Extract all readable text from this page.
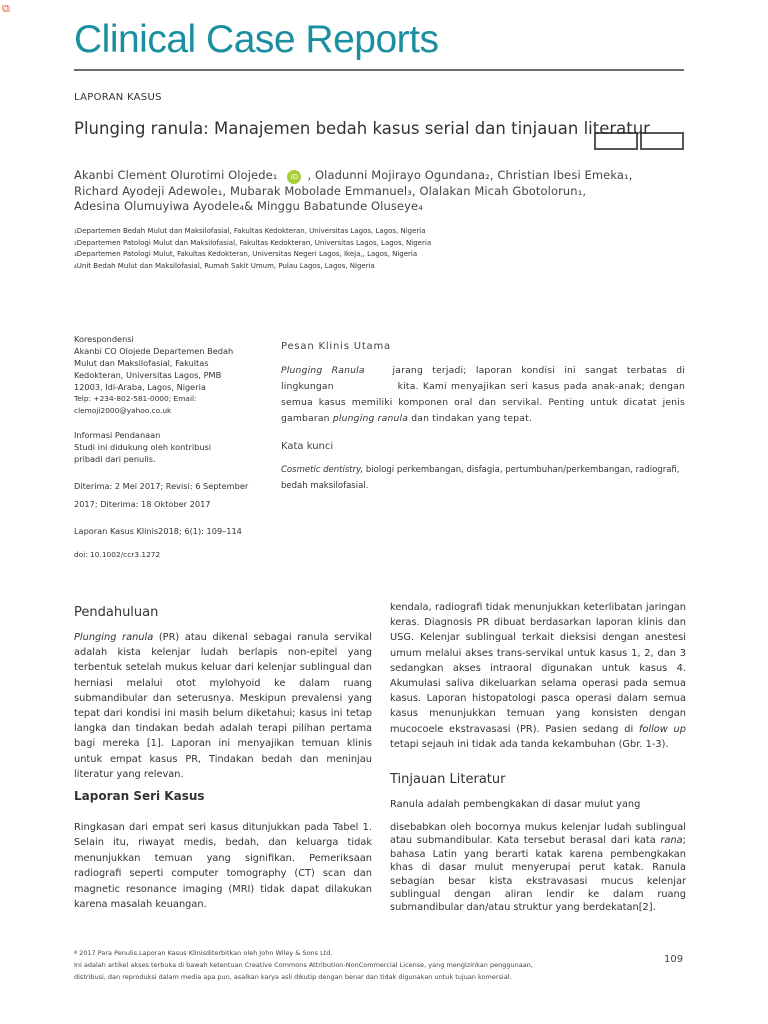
⧉
Clinical Case Reports
LAPORAN KASUS
Plunging ranula: Manajemen bedah kasus serial dan tinjauan literatur
Akanbi Clement Olurotimi Olojede₁ iD , Oladunni Mojirayo Ogundana₂, Christian Ibesi Emeka₁,
Richard Ayodeji Adewole₁, Mubarak Mobolade Emmanuel₃, Olalakan Micah Gbotolorun₁,
Adesina Olumuyiwa Ayodele₄& Minggu Babatunde Oluseye₄
₁Departemen Bedah Mulut dan Maksilofasial, Fakultas Kedokteran, Universitas Lagos, Lagos, Nigeria
₂Departemen Patologi Mulut dan Maksilofasial, Fakultas Kedokteran, Universitas Lagos, Lagos, Nigeria
₃Departemen Patologi Mulut, Fakultas Kedokteran, Universitas Negeri Lagos, Ikeja,, Lagos, Nigeria
₄Unit Bedah Mulut dan Maksilofasial, Rumah Sakit Umum, Pulau Lagos, Lagos, Nigeria

Korespondensi

Akanbi CO Olojede Departemen Bedah

Mulut dan Maksilofasial, Fakultas

Kedokteran, Universitas Lagos, PMB

12003, Idi-Araba, Lagos, Nigeria

Telp: +234-802-581-0000; Email:

clemoji2000@yahoo.co.uk

Informasi Pendanaan

Studi ini didukung oleh kontribusi

pribadi dari penulis.

Diterima: 2 Mei 2017; Revisi: 6 September

2017; Diterima: 18 Oktober 2017

Laporan Kasus Klinis2018; 6(1): 109–114

doi: 10.1002/ccr3.1272

Pesan Klinis Utama
Plunging Ranula	jarang terjadi; laporan kondisi ini sangat terbatas di lingkungan	kita. Kami menyajikan seri kasus pada anak-anak; dengan semua kasus memiliki komponen oral dan servikal. Penting untuk dicatat jenis gambaran plunging ranula dan tindakan yang tepat.
Kata kunci
Cosmetic dentistry, biologi perkembangan, disfagia, pertumbuhan/perkembangan, radiografi, bedah maksilofasial.
Pendahuluan
Plunging ranula (PR) atau dikenal sebagai ranula servikal adalah kista kelenjar ludah berlapis non-epitel yang terbentuk setelah mukus keluar dari kelenjar sublingual dan herniasi melalui otot mylohyoid ke dalam ruang submandibular dan seterusnya. Meskipun prevalensi yang tepat dari kondisi ini masih belum diketahui; kasus ini tetap langka dan tindakan bedah adalah terapi pilihan pertama bagi mereka [1]. Laporan ini menyajikan temuan klinis untuk empat kasus PR, Tindakan bedah dan meninjau literatur yang relevan.
Laporan Seri Kasus
Ringkasan dari empat seri kasus ditunjukkan pada Tabel 1. Selain itu, riwayat medis, bedah, dan keluarga tidak menunjukkan temuan yang signifikan. Pemeriksaan radiografi seperti computer tomography (CT) scan dan magnetic resonance imaging (MRI) tidak dapat dilakukan karena masalah keuangan.
kendala, radiografi tidak menunjukkan keterlibatan jaringan keras. Diagnosis PR dibuat berdasarkan laporan klinis dan USG. Kelenjar sublingual terkait dieksisi dengan anestesi umum melalui akses trans-servikal untuk kasus 1, 2, dan 3 sedangkan akses intraoral digunakan untuk kasus 4. Akumulasi saliva dikeluarkan selama operasi pada semua kasus. Laporan histopatologi pasca operasi dalam semua kasus menunjukkan temuan yang konsisten dengan mucocoele ekstravasasi (PR). Pasien sedang di follow up tetapi sejauh ini tidak ada tanda kekambuhan (Gbr. 1-3).
Tinjauan Literatur
Ranula adalah pembengkakan di dasar mulut yang
disebabkan oleh bocornya mukus kelenjar ludah sublingual atau submandibular. Kata tersebut berasal dari kata rana; bahasa Latin yang berarti katak karena pembengkakan khas di dasar mulut menyerupai perut katak. Ranula sebagian besar kista ekstravasasi mucus kelenjar sublingual dengan aliran lendir ke dalam ruang submandibular dan/atau struktur yang berdekatan[2].
ª 2017 Para Penulis.Laporan Kasus Klinisditerbitkan oleh John Wiley & Sons Ltd.
Ini adalah artikel akses terbuka di bawah ketentuan Creative Commons Attribution-NonCommercial License, yang mengizinkan penggunaan,
distribusi, dan reproduksi dalam media apa pun, asalkan karya asli dikutip dengan benar dan tidak digunakan untuk tujuan komersial.
109
